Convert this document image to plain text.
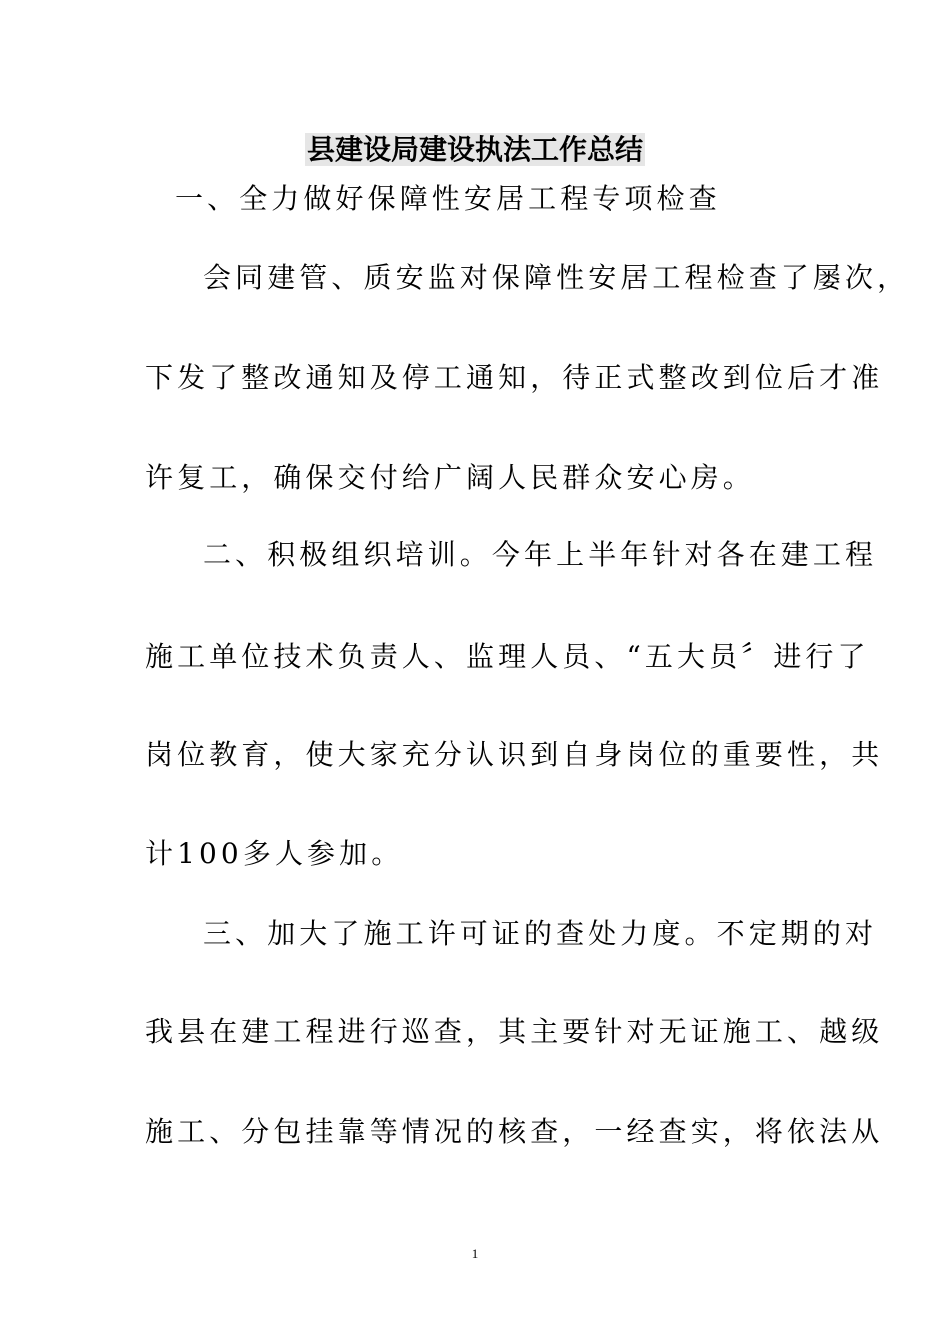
县建设局建设执法工作总结
一、全力做好保障性安居工程专项检查
会同建管、质安监对保障性安居工程检查了屡次，
下发了整改通知及停工通知，待正式整改到位后才准
许复工，确保交付给广阔人民群众安心房。
二、积极组织培训。今年上半年针对各在建工程
施工单位技术负责人、监理人员、“五大员〞进行了
岗位教育，使大家充分认识到自身岗位的重要性，共
计100多人参加。
三、加大了施工许可证的查处力度。不定期的对
我县在建工程进行巡查，其主要针对无证施工、越级
施工、分包挂靠等情况的核查，一经查实，将依法从
1
